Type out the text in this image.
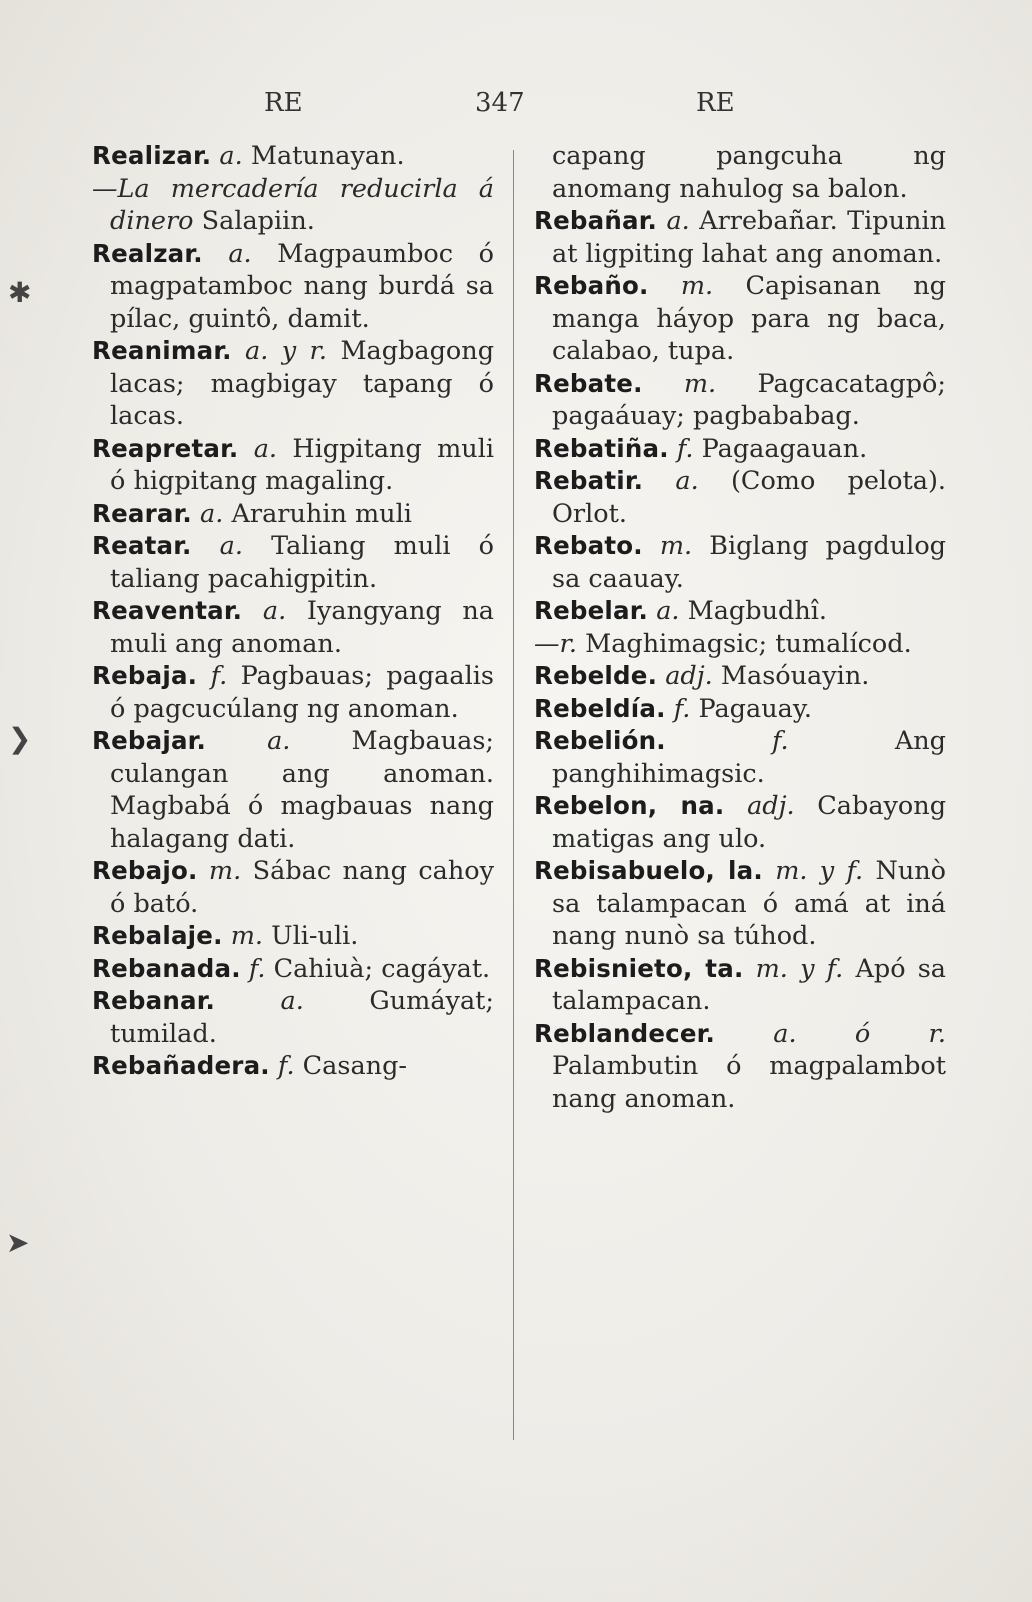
RE	347	RE

Realizar. a. Matunayan.

—La mercadería reducirla á dinero Salapiin.

Realzar. a. Magpaumboc ó magpatamboc nang burdá sa pílac, guintô, damit.

Reanimar. a. y r. Magbagong lacas; magbigay tapang ó lacas.

Reapretar. a. Higpitang muli ó higpitang magaling.

Rearar. a. Araruhin muli

Reatar. a. Taliang muli ó taliang pacahigpitin.

Reaventar. a. Iyangyang na muli ang anoman.

Rebaja. f. Pagbauas; pagaalis ó pagcucúlang ng anoman.

Rebajar. a. Magbauas; culangan ang anoman. Magbabá ó magbauas nang halagang dati.

Rebajo. m. Sábac nang cahoy ó bató.

Rebalaje. m. Uli-uli.

Rebanada. f. Cahiuà; cagáyat.

Rebanar.	a.	Gumáyat; tumilad.

Rebañadera. f. Casang-

capang pangcuha ng anomang nahulog sa balon.

Rebañar. a. Arrebañar. Tipunin at ligpiting lahat ang anoman.

Rebaño. m. Capisanan ng manga háyop para ng baca, calabao, tupa.

Rebate. m. Pagcacatagpô; pagaáuay; pagbababag.

Rebatiña. f. Pagaagauan.

Rebatir. a. (Como pelota). Orlot.

Rebato. m. Biglang pagdulog sa caauay.

Rebelar. a. Magbudhî.

—r. Maghimagsic; tumalícod.

Rebelde. adj. Masóuayin.

Rebeldía. f. Pagauay.

Rebelión.	f.	Ang panghihimagsic.

Rebelon, na. adj. Cabayong matigas ang ulo.

Rebisabuelo, la. m. y f. Nunò sa talampacan ó amá at iná nang nunò sa túhod.

Rebisnieto, ta. m. y f. Apó sa talampacan.

Reblandecer. a. ó r. Palambutin ó magpalambot nang anoman.

✱
❯
➤
